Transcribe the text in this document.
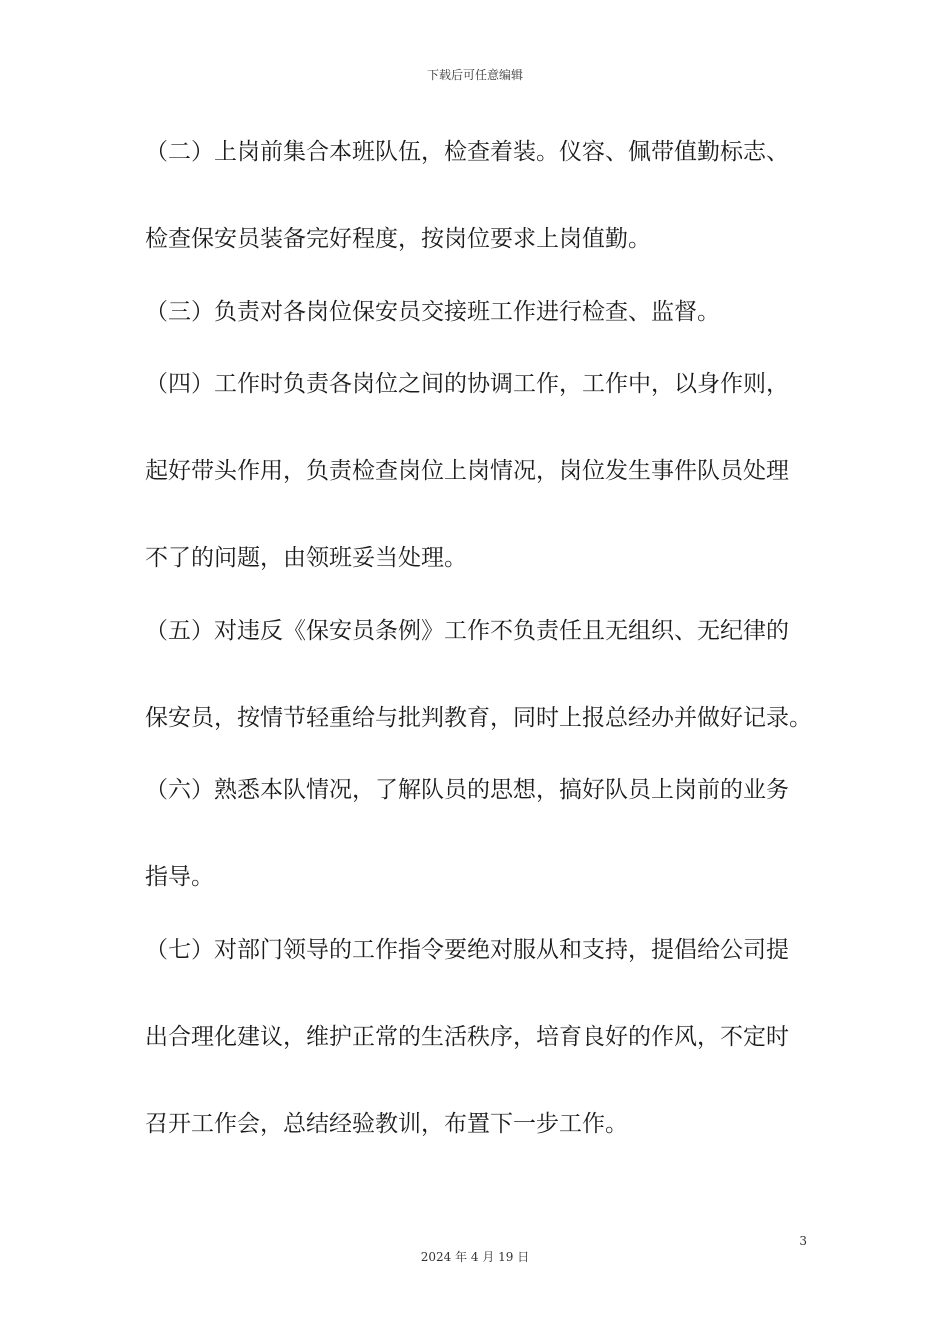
下载后可任意编辑
（二）上岗前集合本班队伍，检查着装。仪容、佩带值勤标志、
检查保安员装备完好程度，按岗位要求上岗值勤。
（三）负责对各岗位保安员交接班工作进行检查、监督。
（四）工作时负责各岗位之间的协调工作，工作中，以身作则，
起好带头作用，负责检查岗位上岗情况，岗位发生事件队员处理
不了的问题，由领班妥当处理。
（五）对违反《保安员条例》工作不负责任且无组织、无纪律的
保安员，按情节轻重给与批判教育，同时上报总经办并做好记录。
（六）熟悉本队情况，了解队员的思想，搞好队员上岗前的业务
指导。
（七）对部门领导的工作指令要绝对服从和支持，提倡给公司提
出合理化建议，维护正常的生活秩序，培育良好的作风，不定时
召开工作会，总结经验教训，布置下一步工作。
3
2024 年 4 月 19 日
